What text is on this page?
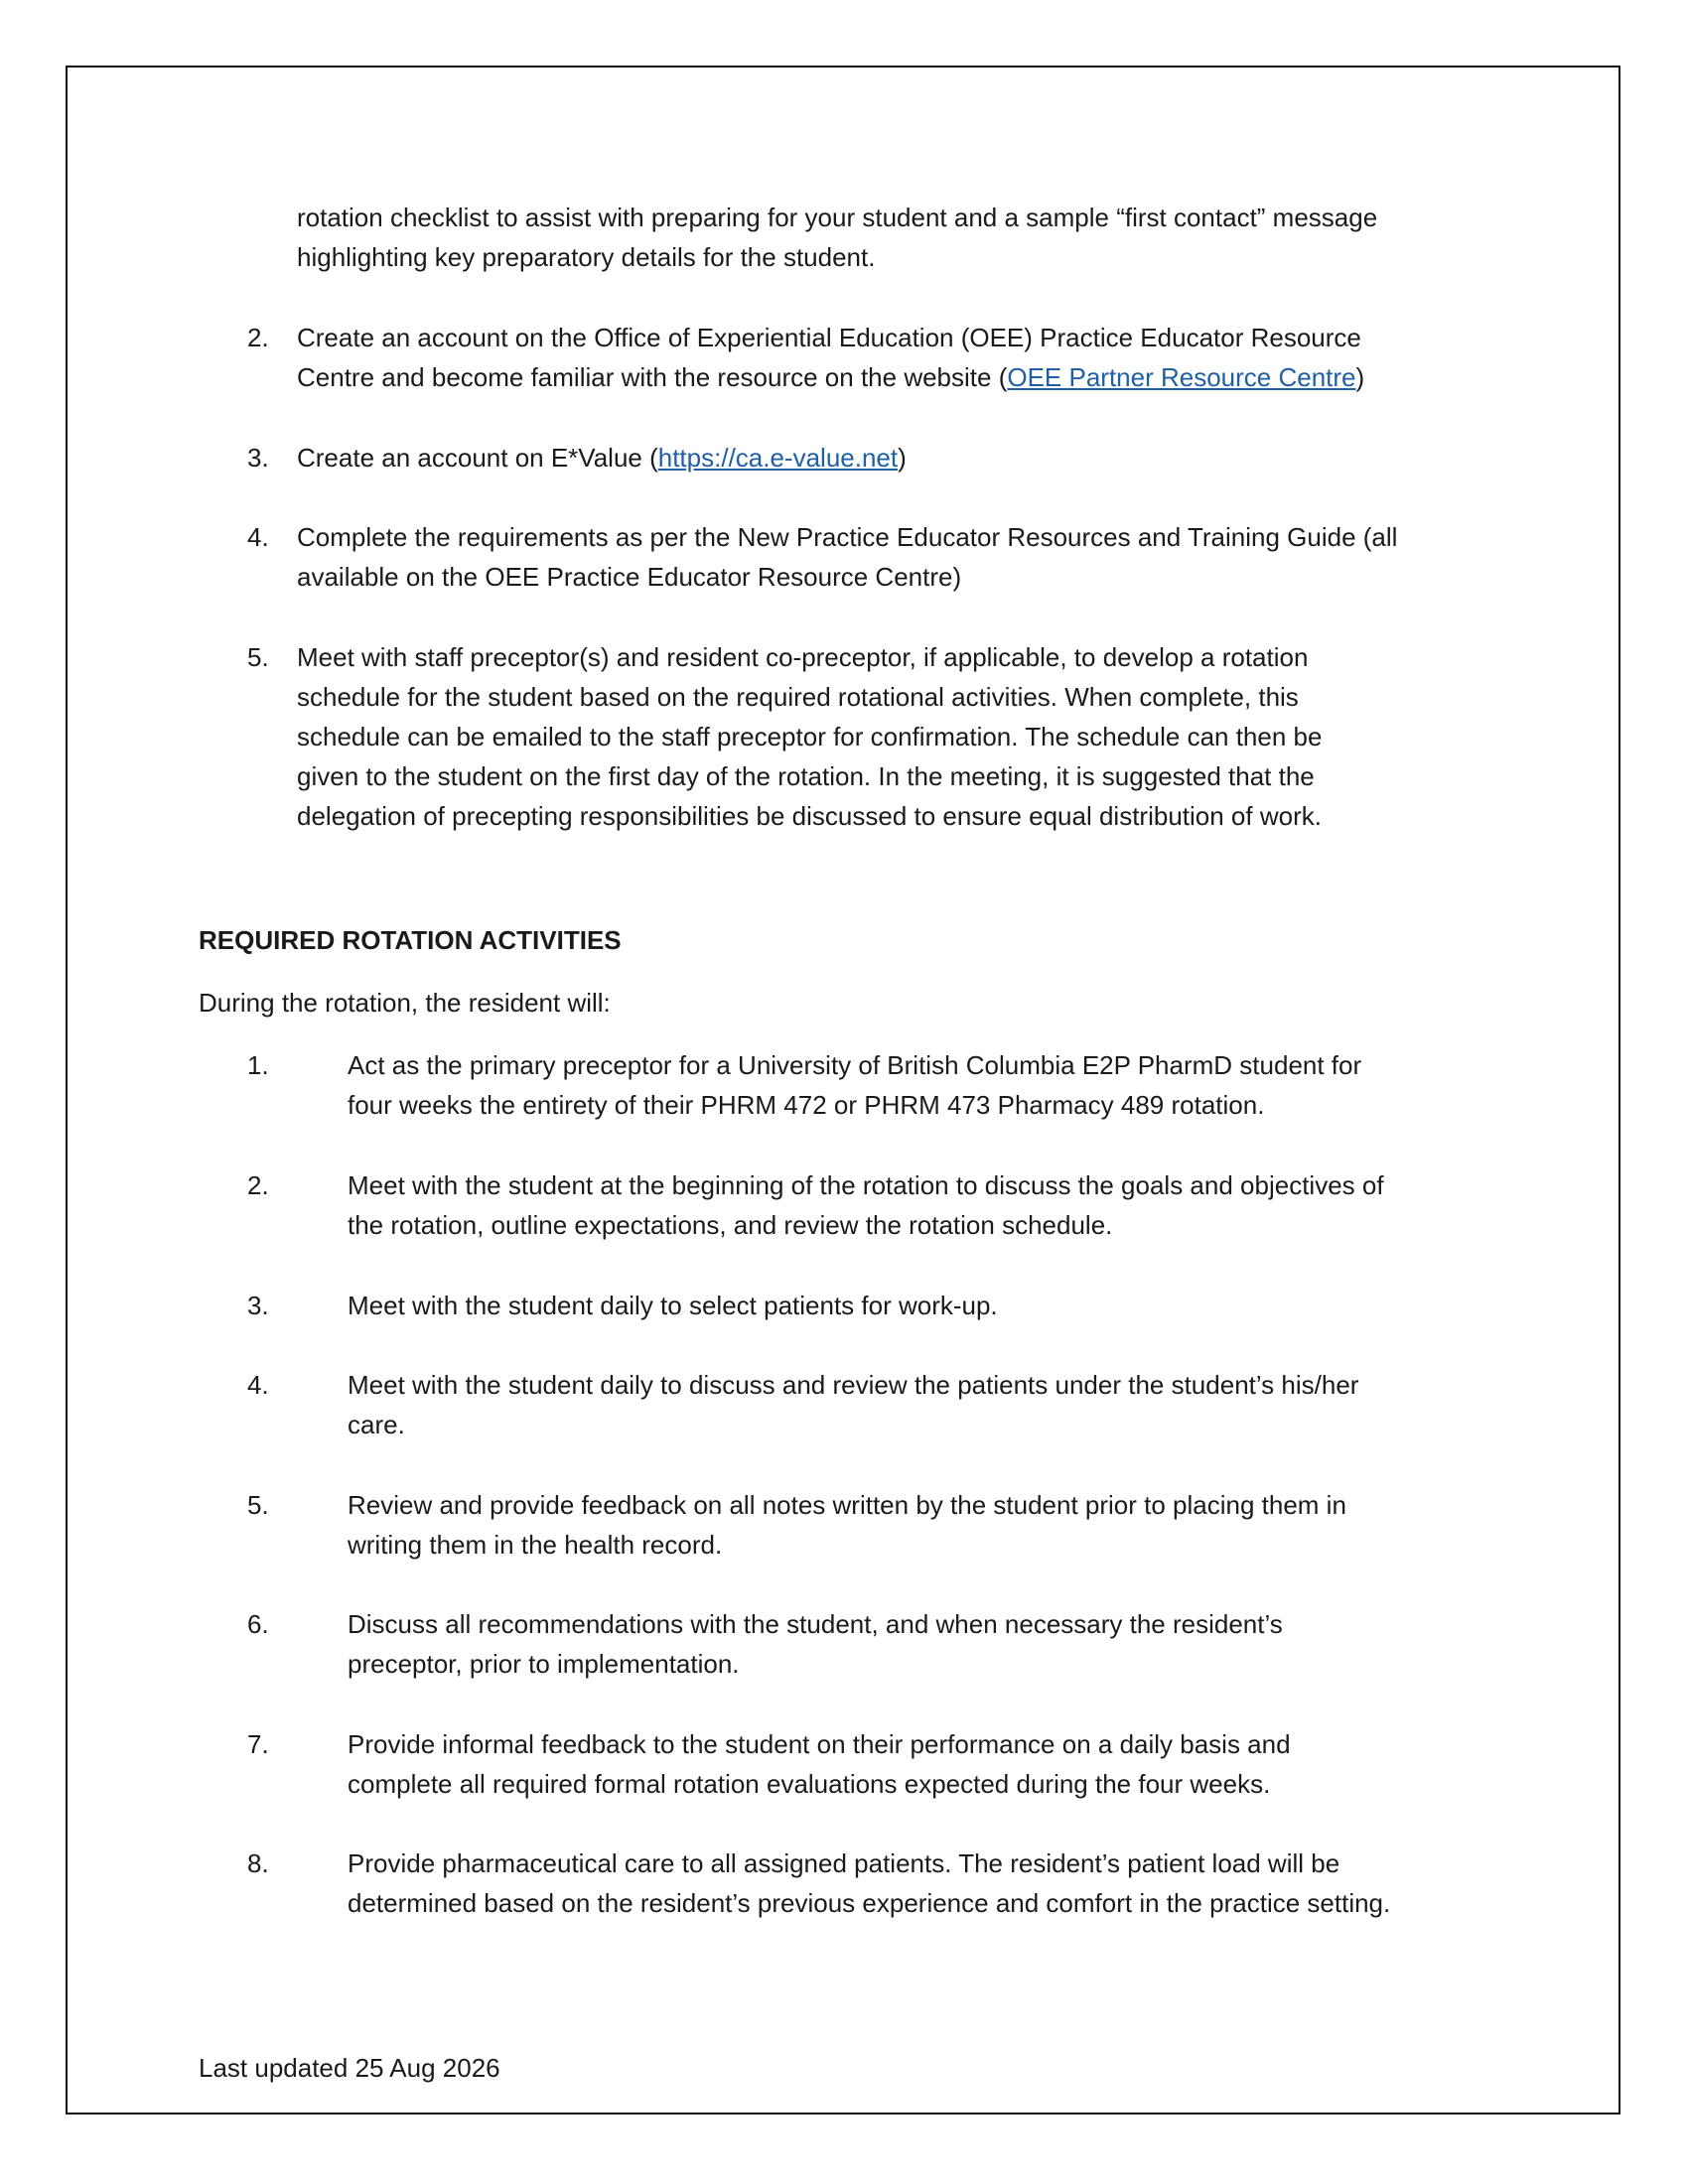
rotation checklist to assist with preparing for your student and a sample “first contact” message
highlighting key preparatory details for the student.
2. Create an account on the Office of Experiential Education (OEE) Practice Educator Resource
Centre and become familiar with the resource on the website (OEE Partner Resource Centre)
3. Create an account on E*Value (https://ca.e-value.net)
4. Complete the requirements as per the New Practice Educator Resources and Training Guide (all
available on the OEE Practice Educator Resource Centre)
5. Meet with staff preceptor(s) and resident co-preceptor, if applicable, to develop a rotation
schedule for the student based on the required rotational activities. When complete, this
schedule can be emailed to the staff preceptor for confirmation. The schedule can then be
given to the student on the first day of the rotation. In the meeting, it is suggested that the
delegation of precepting responsibilities be discussed to ensure equal distribution of work.
REQUIRED ROTATION ACTIVITIES
During the rotation, the resident will:
1.	Act as the primary preceptor for a University of British Columbia E2P PharmD student for
four weeks the entirety of their PHRM 472 or PHRM 473 Pharmacy 489 rotation.
2.	Meet with the student at the beginning of the rotation to discuss the goals and objectives of
the rotation, outline expectations, and review the rotation schedule.
3.	Meet with the student daily to select patients for work-up.
4.	Meet with the student daily to discuss and review the patients under the student’s his/her
care.
5.	Review and provide feedback on all notes written by the student prior to placing them in
writing them in the health record.
6.	Discuss all recommendations with the student, and when necessary the resident’s
preceptor, prior to implementation.
7.	Provide informal feedback to the student on their performance on a daily basis and
complete all required formal rotation evaluations expected during the four weeks.
8.	Provide pharmaceutical care to all assigned patients. The resident’s patient load will be
determined based on the resident’s previous experience and comfort in the practice setting.
Last updated 25 Aug 2026
